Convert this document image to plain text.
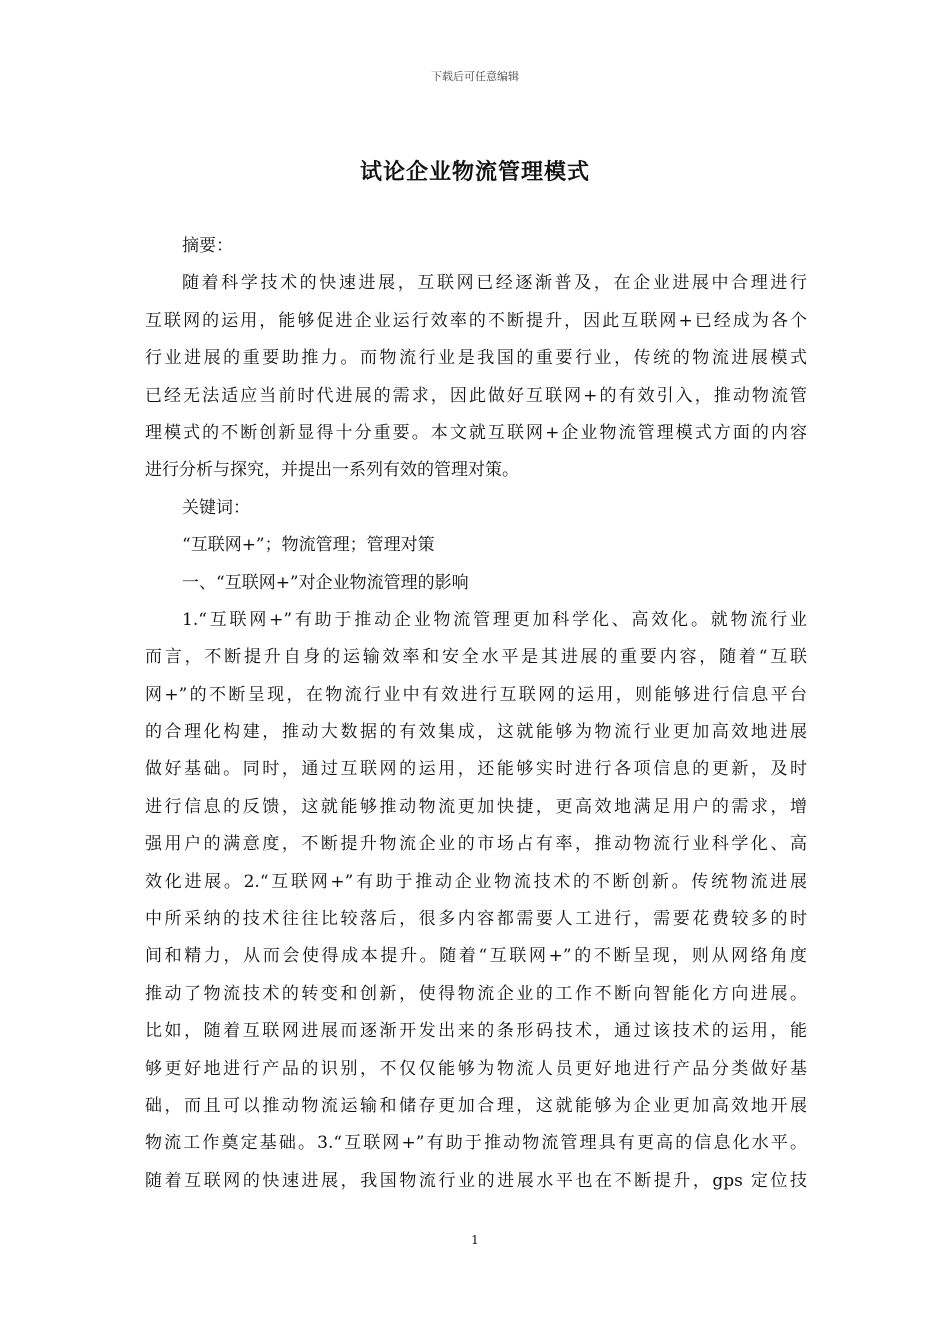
下载后可任意编辑
试论企业物流管理模式
摘要：
随着科学技术的快速进展，互联网已经逐渐普及，在企业进展中合理进行
互联网的运用，能够促进企业运行效率的不断提升，因此互联网+已经成为各个
行业进展的重要助推力。而物流行业是我国的重要行业，传统的物流进展模式
已经无法适应当前时代进展的需求，因此做好互联网+的有效引入，推动物流管
理模式的不断创新显得十分重要。本文就互联网+企业物流管理模式方面的内容
进行分析与探究，并提出一系列有效的管理对策。
关键词：
“互联网+”；物流管理；管理对策
一、“互联网+”对企业物流管理的影响
1.“互联网+”有助于推动企业物流管理更加科学化、高效化。就物流行业
而言，不断提升自身的运输效率和安全水平是其进展的重要内容，随着“互联
网+”的不断呈现，在物流行业中有效进行互联网的运用，则能够进行信息平台
的合理化构建，推动大数据的有效集成，这就能够为物流行业更加高效地进展
做好基础。同时，通过互联网的运用，还能够实时进行各项信息的更新，及时
进行信息的反馈，这就能够推动物流更加快捷，更高效地满足用户的需求，增
强用户的满意度，不断提升物流企业的市场占有率，推动物流行业科学化、高
效化进展。2.“互联网+”有助于推动企业物流技术的不断创新。传统物流进展
中所采纳的技术往往比较落后，很多内容都需要人工进行，需要花费较多的时
间和精力，从而会使得成本提升。随着“互联网+”的不断呈现，则从网络角度
推动了物流技术的转变和创新，使得物流企业的工作不断向智能化方向进展。
比如，随着互联网进展而逐渐开发出来的条形码技术，通过该技术的运用，能
够更好地进行产品的识别，不仅仅能够为物流人员更好地进行产品分类做好基
础，而且可以推动物流运输和储存更加合理，这就能够为企业更加高效地开展
物流工作奠定基础。3.“互联网+”有助于推动物流管理具有更高的信息化水平。
随着互联网的快速进展，我国物流行业的进展水平也在不断提升，gps 定位技
1
